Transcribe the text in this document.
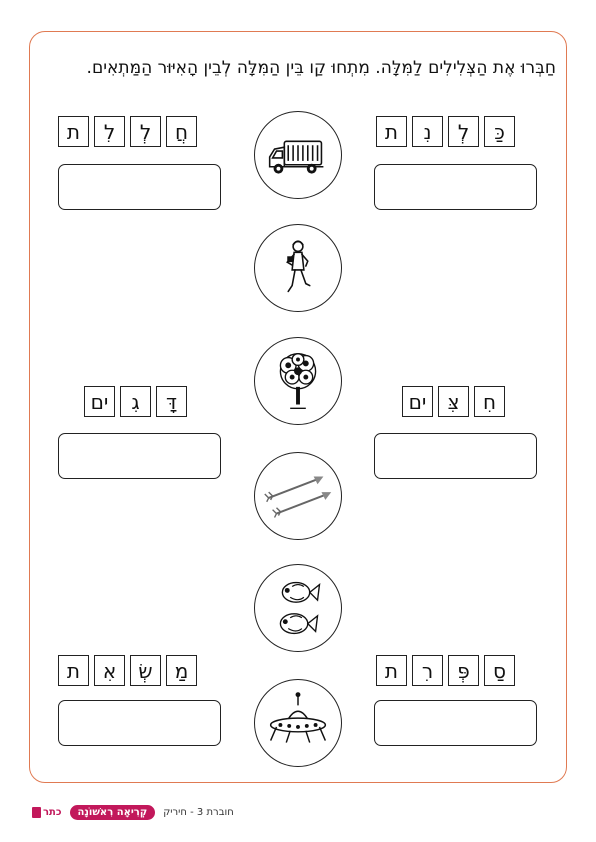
חַבְּרוּ אֶת הַצְּלִילִים לַמִּלָּה. מִתְחוּ קַו בֵּין הַמִּלָּה לְבֵין הָאִיּוּר הַמַּתְאִים.
כַּ
לְ
נִ
ת
חֲ
לְ
לִ
ת
חִ
צִּ
ים
דָּ
גִ
ים
סַ
פְּ
רִ
ת
מַ
שְׂ
אִ
ת
חוברת 3 - חיריק
קְרִיאָה רִאשׁוֹנָה
כתר
